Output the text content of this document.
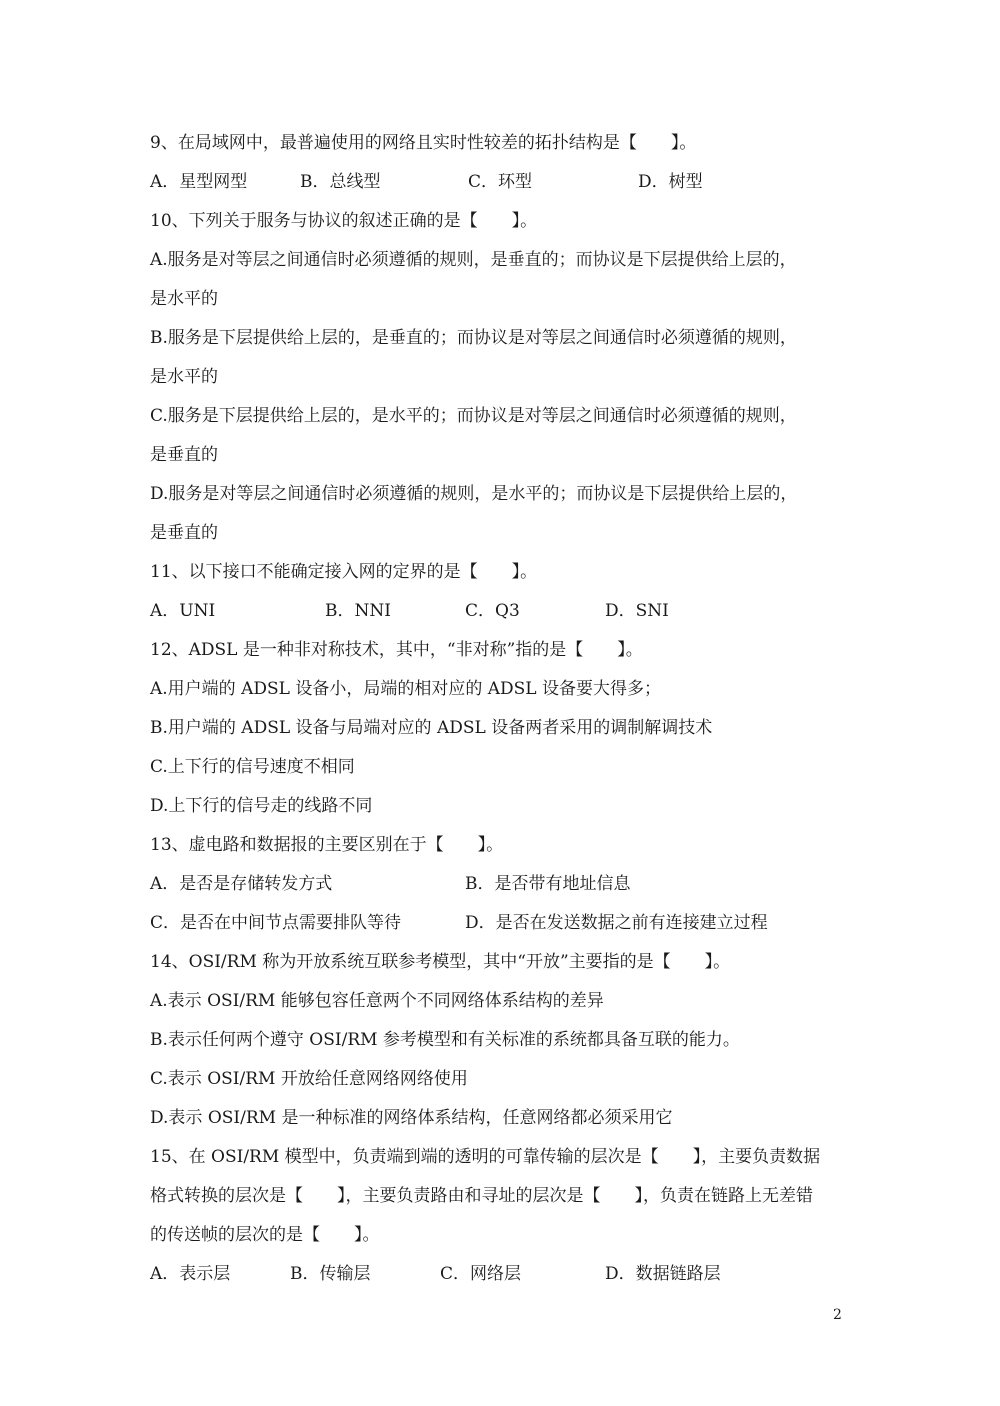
9、在局域网中，最普遍使用的网络且实时性较差的拓扑结构是【　　】。
A．星型网型	B．总线型	C．环型	D．树型
10、下列关于服务与协议的叙述正确的是【　　】。
A.服务是对等层之间通信时必须遵循的规则，是垂直的；而协议是下层提供给上层的，
是水平的
B.服务是下层提供给上层的，是垂直的；而协议是对等层之间通信时必须遵循的规则，
是水平的
C.服务是下层提供给上层的，是水平的；而协议是对等层之间通信时必须遵循的规则，
是垂直的
D.服务是对等层之间通信时必须遵循的规则，是水平的；而协议是下层提供给上层的，
是垂直的
11、以下接口不能确定接入网的定界的是【　　】。
A．UNI	B．NNI	C．Q3	D．SNI
12、ADSL 是一种非对称技术，其中，“非对称”指的是【　　】。
A.用户端的 ADSL 设备小，局端的相对应的 ADSL 设备要大得多；
B.用户端的 ADSL 设备与局端对应的 ADSL 设备两者采用的调制解调技术
C.上下行的信号速度不相同
D.上下行的信号走的线路不同
13、虚电路和数据报的主要区别在于【　　】。
A．是否是存储转发方式	B．是否带有地址信息
C．是否在中间节点需要排队等待	D．是否在发送数据之前有连接建立过程
14、OSI/RM 称为开放系统互联参考模型，其中“开放”主要指的是【　　】。
A.表示 OSI/RM 能够包容任意两个不同网络体系结构的差异
B.表示任何两个遵守 OSI/RM 参考模型和有关标准的系统都具备互联的能力。
C.表示 OSI/RM 开放给任意网络网络使用
D.表示 OSI/RM 是一种标准的网络体系结构，任意网络都必须采用它
15、在 OSI/RM 模型中，负责端到端的透明的可靠传输的层次是【　　】，主要负责数据
格式转换的层次是【　　】，主要负责路由和寻址的层次是【　　】，负责在链路上无差错
的传送帧的层次的是【　　】。
A．表示层	B．传输层	C．网络层	D．数据链路层
2
